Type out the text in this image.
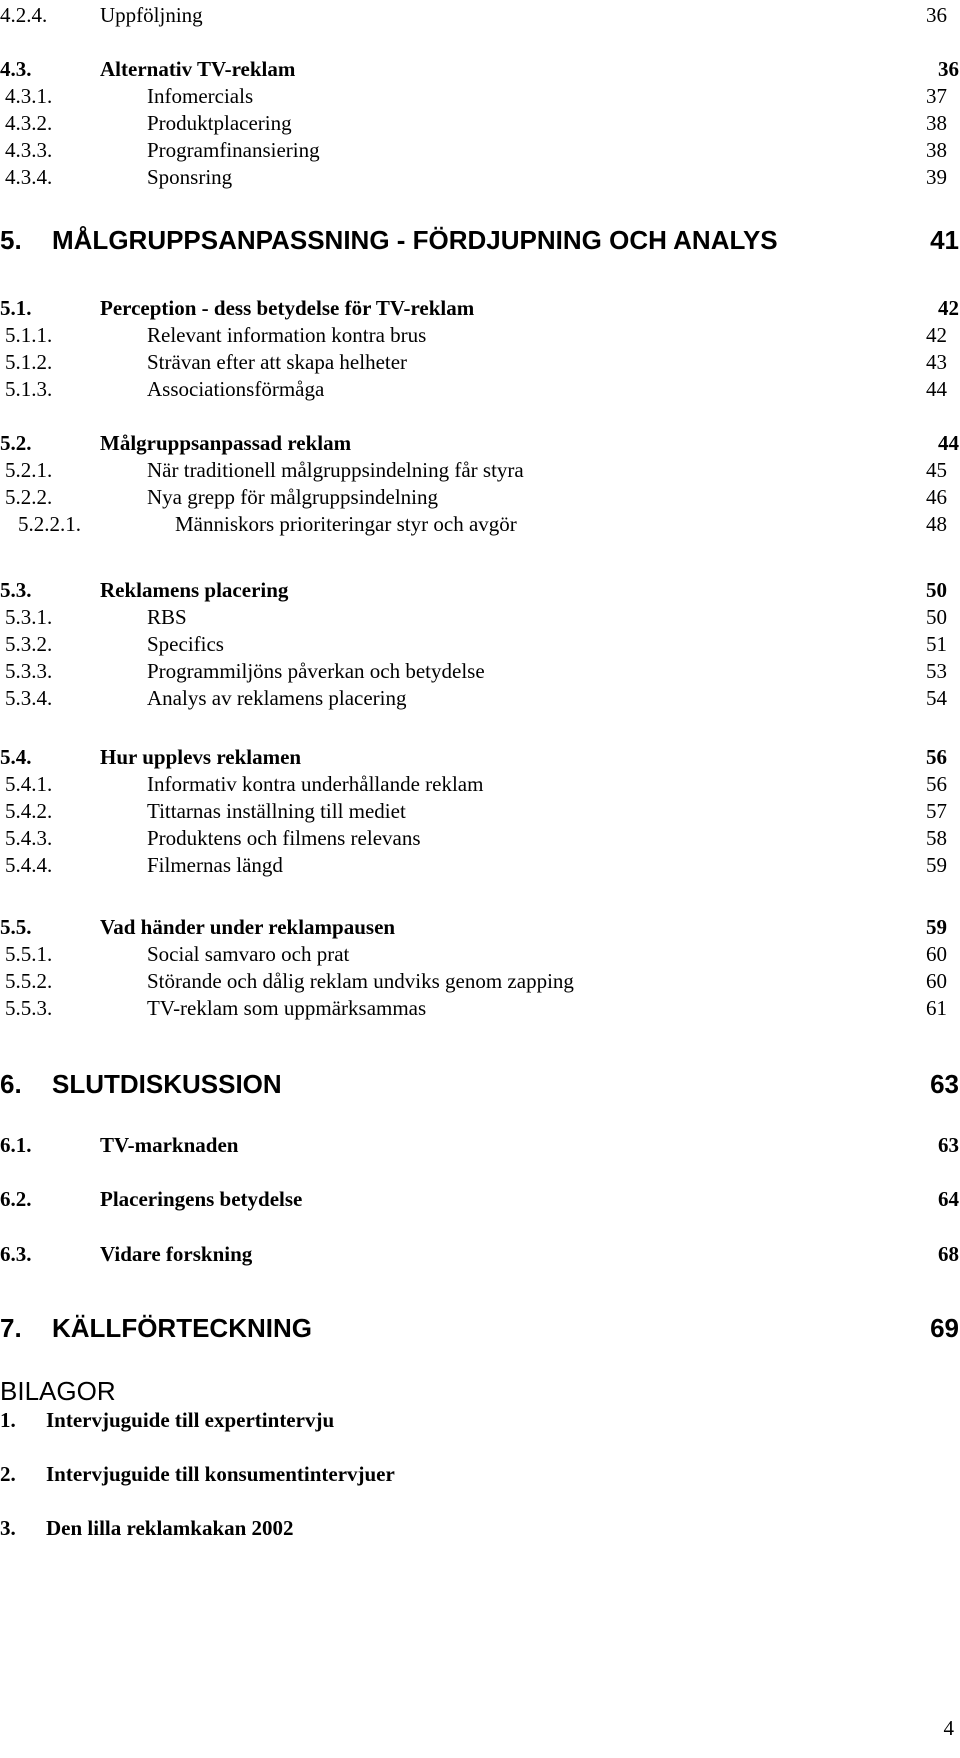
4.2.4.	Uppföljning	36
4.3.	Alternativ TV-reklam	36
4.3.1.	Infomercials	37
4.3.2.	Produktplacering	38
4.3.3.	Programfinansiering	38
4.3.4.	Sponsring	39
5. MÅLGRUPPSANPASSNING - FÖRDJUPNING OCH ANALYS	41
5.1.	Perception - dess betydelse för TV-reklam	42
5.1.1.	Relevant information kontra brus	42
5.1.2.	Strävan efter att skapa helheter	43
5.1.3.	Associationsförmåga	44
5.2.	Målgruppsanpassad reklam	44
5.2.1.	När traditionell målgruppsindelning får styra	45
5.2.2.	Nya grepp för målgruppsindelning	46
5.2.2.1.	Människors prioriteringar styr och avgör	48
5.3.	Reklamens placering	50
5.3.1.	RBS	50
5.3.2.	Specifics	51
5.3.3.	Programmiljöns påverkan och betydelse	53
5.3.4.	Analys av reklamens placering	54
5.4.	Hur upplevs reklamen	56
5.4.1.	Informativ kontra underhållande reklam	56
5.4.2.	Tittarnas inställning till mediet	57
5.4.3.	Produktens och filmens relevans	58
5.4.4.	Filmernas längd	59
5.5.	Vad händer under reklampausen	59
5.5.1.	Social samvaro och prat	60
5.5.2.	Störande och dålig reklam undviks genom zapping	60
5.5.3.	TV-reklam som uppmärksammas	61
6. SLUTDISKUSSION	63
6.1.	TV-marknaden	63
6.2.	Placeringens betydelse	64
6.3.	Vidare forskning	68
7. KÄLLFÖRTECKNING	69
BILAGOR
1. Intervjuguide till expertintervju
2. Intervjuguide till konsumentintervjuer
3. Den lilla reklamkakan 2002
4
